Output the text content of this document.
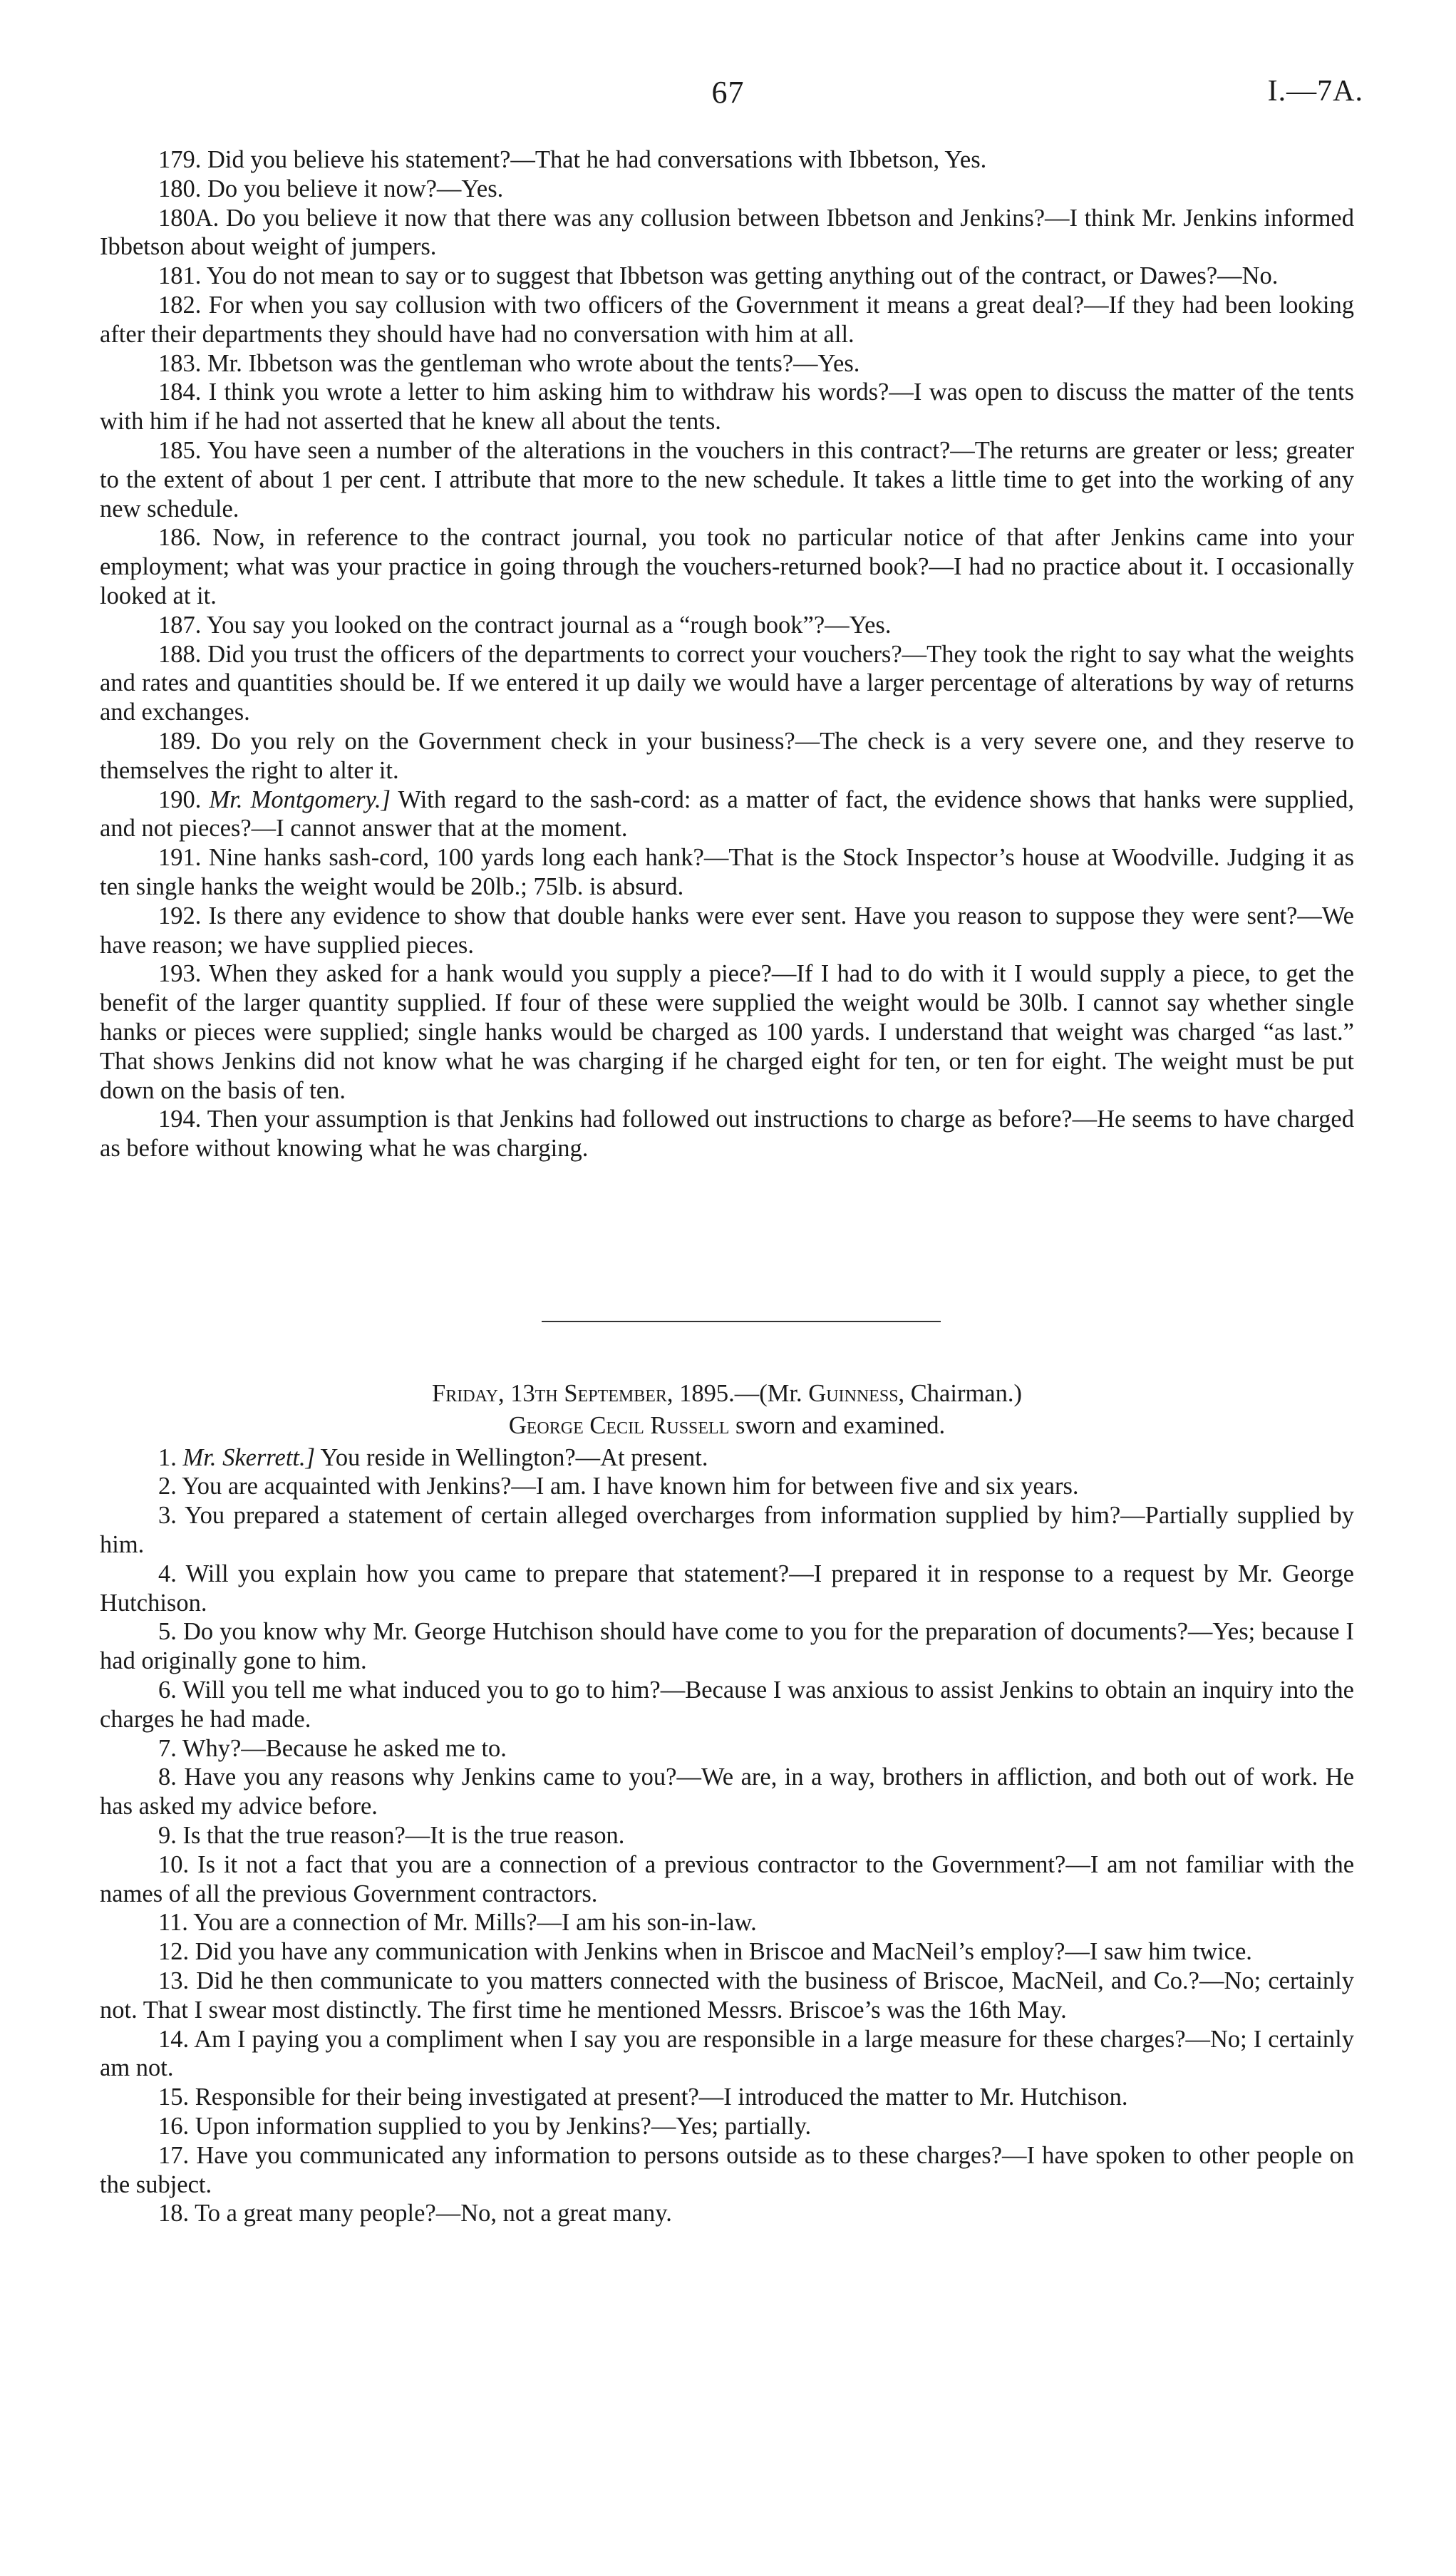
67	I.—7A.

179. Did you believe his statement?—That he had conversations with Ibbetson, Yes.

180. Do you believe it now?—Yes.

180A. Do you believe it now that there was any collusion between Ibbetson and Jenkins?—I think Mr. Jenkins informed Ibbetson about weight of jumpers.

181. You do not mean to say or to suggest that Ibbetson was getting anything out of the contract, or Dawes?—No.

182. For when you say collusion with two officers of the Government it means a great deal?—If they had been looking after their departments they should have had no conversation with him at all.

183. Mr. Ibbetson was the gentleman who wrote about the tents?—Yes.

184. I think you wrote a letter to him asking him to withdraw his words?—I was open to discuss the matter of the tents with him if he had not asserted that he knew all about the tents.

185. You have seen a number of the alterations in the vouchers in this contract?—The returns are greater or less; greater to the extent of about 1 per cent. I attribute that more to the new schedule. It takes a little time to get into the working of any new schedule.

186. Now, in reference to the contract journal, you took no particular notice of that after Jenkins came into your employment; what was your practice in going through the vouchers-returned book?—I had no practice about it. I occasionally looked at it.

187. You say you looked on the contract journal as a “rough book”?—Yes.

188. Did you trust the officers of the departments to correct your vouchers?—They took the right to say what the weights and rates and quantities should be. If we entered it up daily we would have a larger percentage of alterations by way of returns and exchanges.

189. Do you rely on the Government check in your business?—The check is a very severe one, and they reserve to themselves the right to alter it.

190. Mr. Montgomery.] With regard to the sash-cord: as a matter of fact, the evidence shows that hanks were supplied, and not pieces?—I cannot answer that at the moment.

191. Nine hanks sash-cord, 100 yards long each hank?—That is the Stock Inspector’s house at Woodville. Judging it as ten single hanks the weight would be 20lb.; 75lb. is absurd.

192. Is there any evidence to show that double hanks were ever sent. Have you reason to suppose they were sent?—We have reason; we have supplied pieces.

193. When they asked for a hank would you supply a piece?—If I had to do with it I would supply a piece, to get the benefit of the larger quantity supplied. If four of these were supplied the weight would be 30lb. I cannot say whether single hanks or pieces were supplied; single hanks would be charged as 100 yards. I understand that weight was charged “as last.” That shows Jenkins did not know what he was charging if he charged eight for ten, or ten for eight. The weight must be put down on the basis of ten.

194. Then your assumption is that Jenkins had followed out instructions to charge as before?—He seems to have charged as before without knowing what he was charging.

Friday, 13th September, 1895.—(Mr. Guinness, Chairman.)

George Cecil Russell sworn and examined.

1. Mr. Skerrett.] You reside in Wellington?—At present.

2. You are acquainted with Jenkins?—I am. I have known him for between five and six years.

3. You prepared a statement of certain alleged overcharges from information supplied by him?—Partially supplied by him.

4. Will you explain how you came to prepare that statement?—I prepared it in response to a request by Mr. George Hutchison.

5. Do you know why Mr. George Hutchison should have come to you for the preparation of documents?—Yes; because I had originally gone to him.

6. Will you tell me what induced you to go to him?—Because I was anxious to assist Jenkins to obtain an inquiry into the charges he had made.

7. Why?—Because he asked me to.

8. Have you any reasons why Jenkins came to you?—We are, in a way, brothers in affliction, and both out of work. He has asked my advice before.

9. Is that the true reason?—It is the true reason.

10. Is it not a fact that you are a connection of a previous contractor to the Government?—I am not familiar with the names of all the previous Government contractors.

11. You are a connection of Mr. Mills?—I am his son-in-law.

12. Did you have any communication with Jenkins when in Briscoe and MacNeil’s employ?—I saw him twice.

13. Did he then communicate to you matters connected with the business of Briscoe, MacNeil, and Co.?—No; certainly not. That I swear most distinctly. The first time he mentioned Messrs. Briscoe’s was the 16th May.

14. Am I paying you a compliment when I say you are responsible in a large measure for these charges?—No; I certainly am not.

15. Responsible for their being investigated at present?—I introduced the matter to Mr. Hutchison.

16. Upon information supplied to you by Jenkins?—Yes; partially.

17. Have you communicated any information to persons outside as to these charges?—I have spoken to other people on the subject.

18. To a great many people?—No, not a great many.
